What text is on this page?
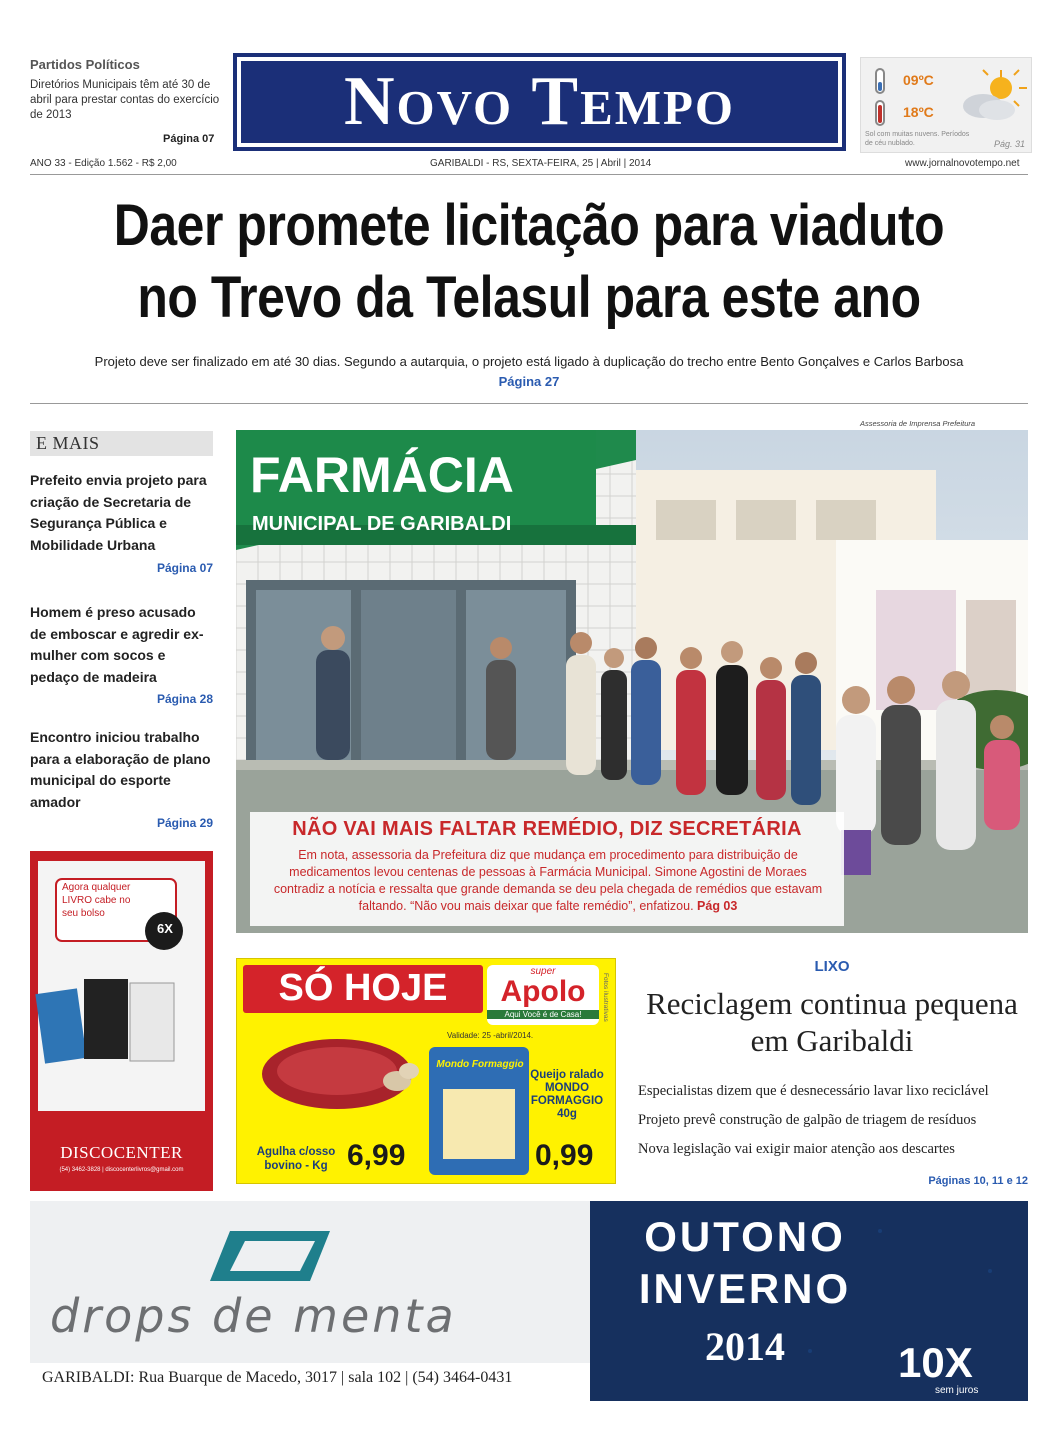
Partidos Políticos
Diretórios Municipais têm até 30 de abril para prestar contas do exercício de 2013
Página 07 Novo Tempo	09ºC
18ºC
Sol com muitas nuvens. Períodos de céu nublado.	Pág. 31
ANO 33 - Edição 1.562 - R$ 2,00	GARIBALDI - RS, SEXTA-FEIRA, 25 | Abril | 2014	www.jornalnovotempo.net
Daer promete licitação para viaduto
no Trevo da Telasul para este ano
Projeto deve ser finalizado em até 30 dias. Segundo a autarquia, o projeto está ligado à duplicação do trecho entre Bento Gonçalves e Carlos Barbosa
Página 27
E MAIS
Prefeito envia projeto para criação de Secretaria de Segurança Pública e Mobilidade Urbana
Página 07
Homem é preso acusado de emboscar e agredir ex-mulher com socos e pedaço de madeira
Página 28
Encontro iniciou trabalho para a elaboração de plano municipal do esporte amador
Página 29
Assessoria de Imprensa Prefeitura
FARMÁCIA
MUNICIPAL DE GARIBALDI
NÃO VAI MAIS FALTAR REMÉDIO, DIZ SECRETÁRIA
Em nota, assessoria da Prefeitura diz que mudança em procedimento para distribuição de medicamentos levou centenas de pessoas à Farmácia Municipal. Simone Agostini de Moraes contradiz a notícia e ressalta que grande demanda se deu pela chegada de remédios que estavam faltando. “Não vou mais deixar que falte remédio”, enfatizou. Pág 03
Agora qualquer LIVRO cabe no seu bolso
6X
DISCOCENTER
(54) 3462-3828 | discocenterlivros@gmail.com
SÓ HOJE	super
Apolo
Aqui Você é de Casa!	Fotos ilustrativas
Validade: 25 -abril/2014.
Mondo Formaggio
Agulha c/osso bovino - Kg 6,99
Queijo ralado MONDO FORMAGGIO 40g
0,99
LIXO
Reciclagem continua pequena em Garibaldi
Especialistas dizem que é desnecessário lavar lixo reciclável
Projeto prevê construção de galpão de triagem de resíduos
Nova legislação vai exigir maior atenção aos descartes
Páginas 10, 11 e 12
drops de menta
GARIBALDI: Rua Buarque de Macedo, 3017 | sala 102 | (54) 3464-0431
OUTONO
INVERNO
2014	10X
sem juros
